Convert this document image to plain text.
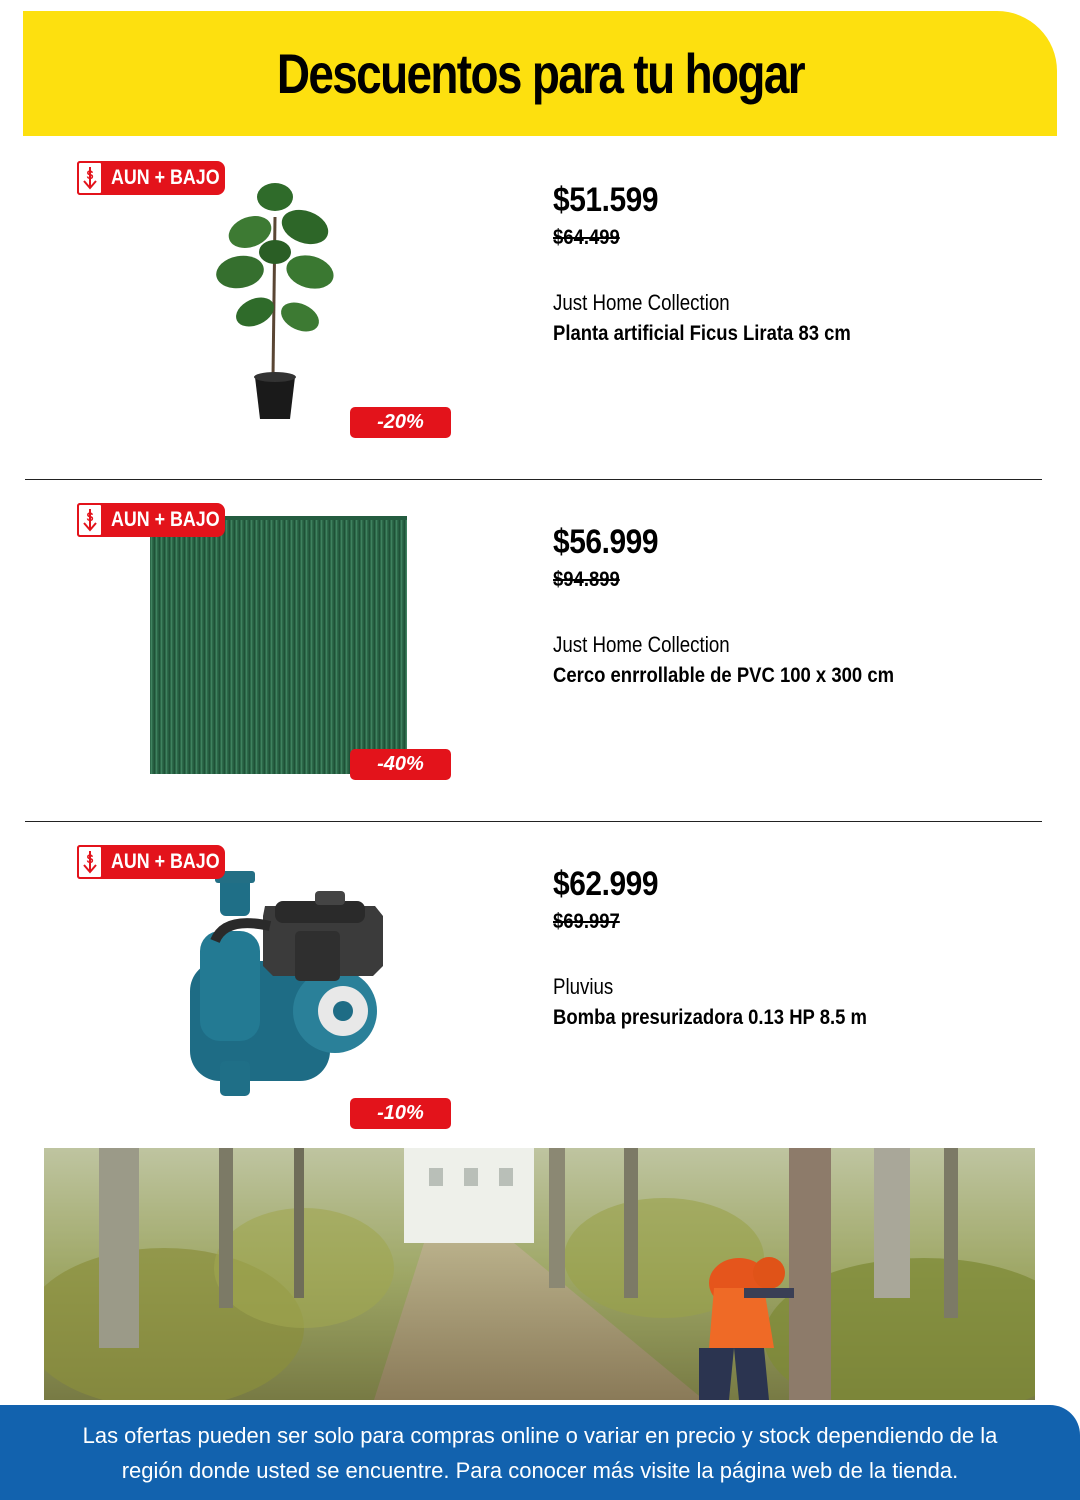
Descuentos para tu hogar
$ AUN + BAJO
-20%
$51.599
$64.499
Just Home Collection
Planta artificial Ficus Lirata 83 cm
$ AUN + BAJO
-40%
$56.999
$94.899
Just Home Collection
Cerco enrrollable de PVC 100 x 300 cm
$ AUN + BAJO
-10%
$62.999
$69.997
Pluvius
Bomba presurizadora 0.13 HP 8.5 m
Las ofertas pueden ser solo para compras online o variar en precio y stock dependiendo de la región donde usted se encuentre. Para conocer más visite la página web de la tienda.
